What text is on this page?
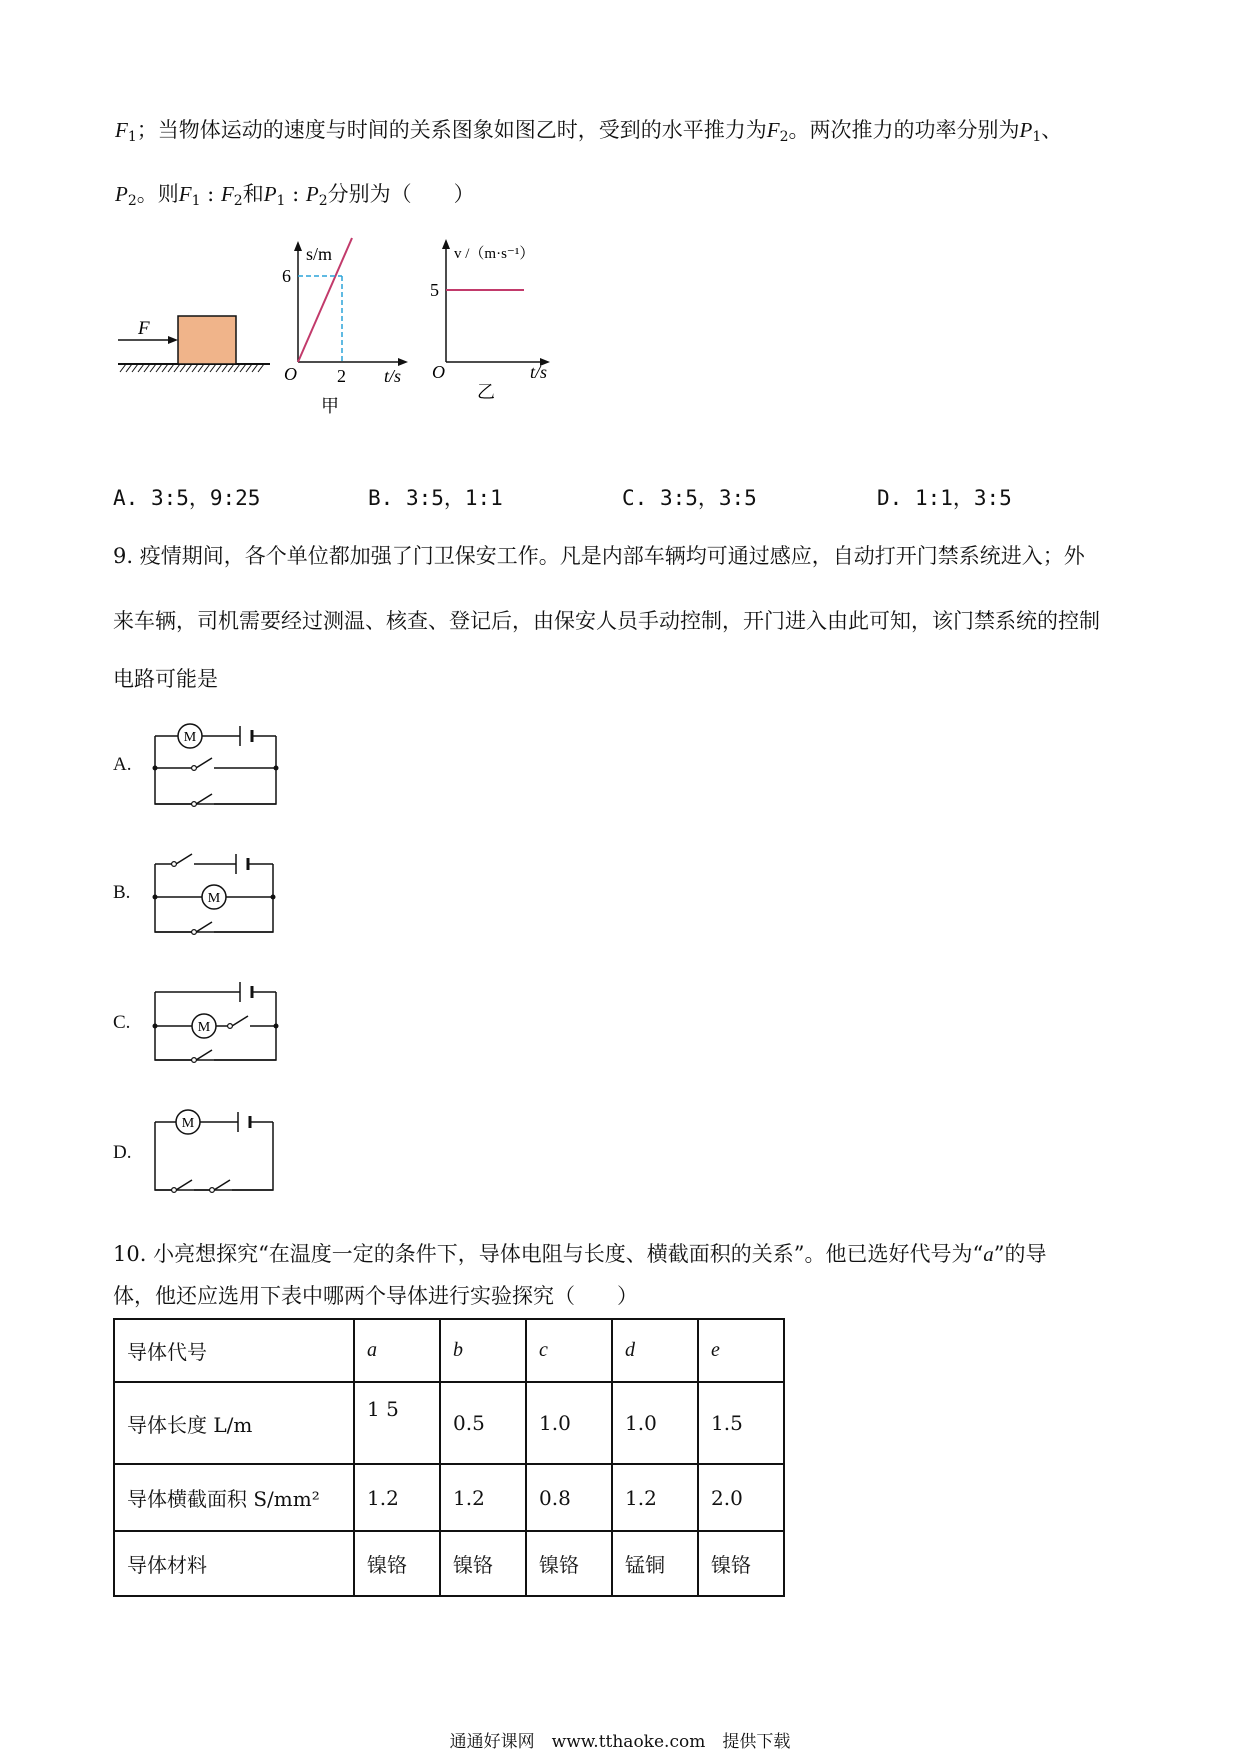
$F_1$；当物体运动的速度与时间的关系图象如图乙时，受到的水平推力为$F_2$。两次推力的功率分别为$P_1$、
$P_2$。则$F_1$ : $F_2$和$P_1$ : $P_2$分别为（　　）
F
s/m
6
O 2 t/s
甲
v /（m·s⁻¹）
5
O	t/s
乙
A. 3:5，9:25	B. 3:5，1:1	C. 3:5，3:5	D. 1:1，3:5
9. 疫情期间，各个单位都加强了门卫保安工作。凡是内部车辆均可通过感应，自动打开门禁系统进入；外
来车辆，司机需要经过测温、核查、登记后，由保安人员手动控制，开门进入由此可知，该门禁系统的控制
电路可能是
A.
M
B.	M
C.	M
D.
M
10. 小亮想探究“在温度一定的条件下，导体电阻与长度、横截面积的关系”。他已选好代号为“a”的导
体，他还应选用下表中哪两个导体进行实验探究（　　）
导体代号	a	b	c	d	e
导体长度 L/m	1 5	0.5	1.0	1.0	1.5
导体横截面积 S/mm²	1.2	1.2	0.8	1.2	2.0
导体材料	镍铬	镍铬	镍铬	锰铜	镍铬
通通好课网　www.tthaoke.com　提供下载
